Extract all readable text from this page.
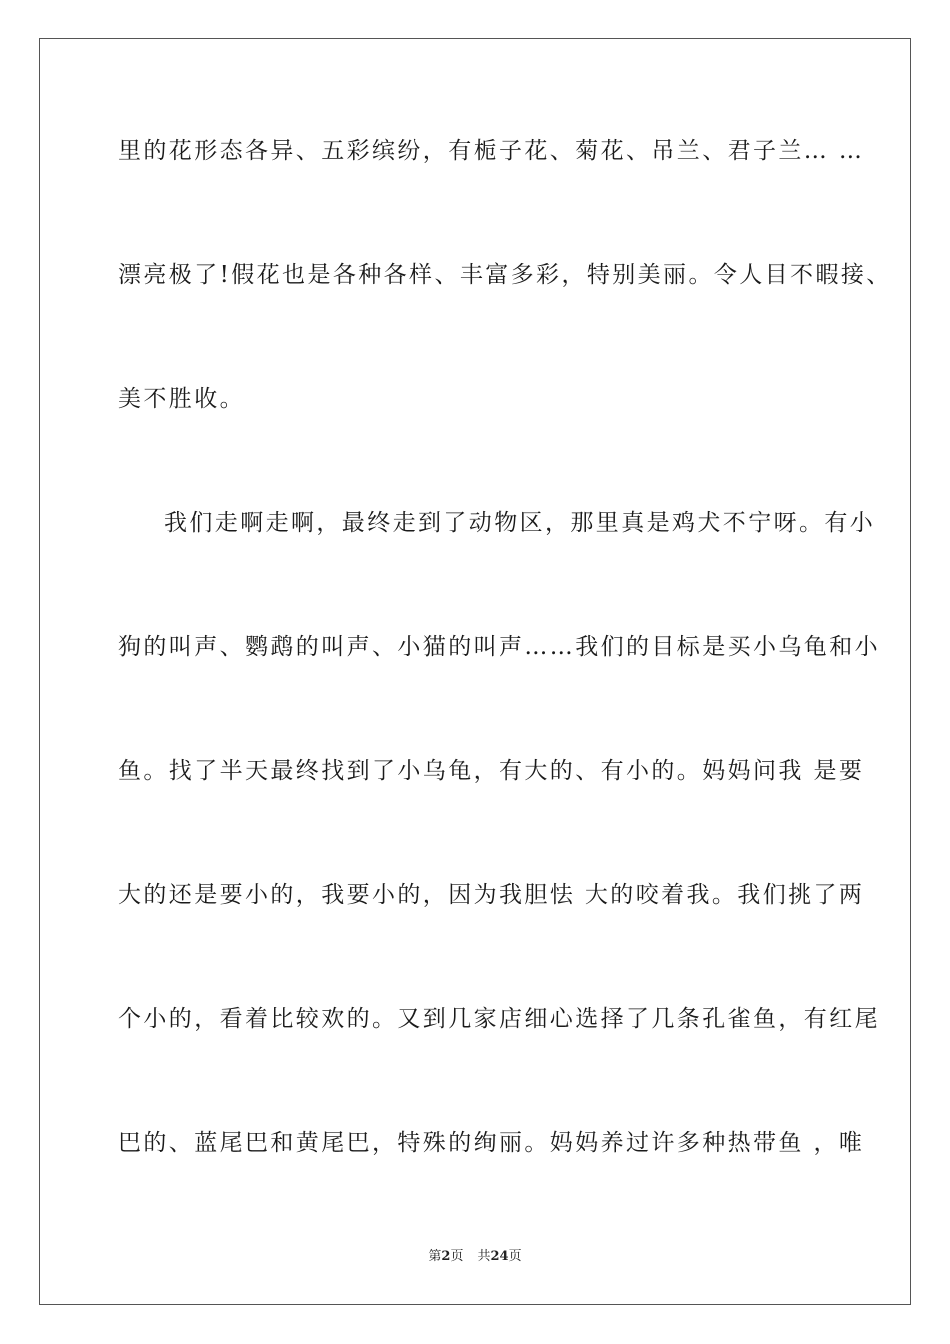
里的花形态各异、五彩缤纷，有栀子花、菊花、吊兰、君子兰… …
漂亮极了!假花也是各种各样、丰富多彩，特别美丽。令人目不暇接、
美不胜收。
我们走啊走啊，最终走到了动物区，那里真是鸡犬不宁呀。有小
狗的叫声、鹦鹉的叫声、小猫的叫声……我们的目标是买小乌龟和小
鱼。找了半天最终找到了小乌龟，有大的、有小的。妈妈问我 是要
大的还是要小的，我要小的，因为我胆怯 大的咬着我。我们挑了两
个小的，看着比较欢的。又到几家店细心选择了几条孔雀鱼，有红尾
巴的、蓝尾巴和黄尾巴，特殊的绚丽。妈妈养过许多种热带鱼 ，唯
第2页 共24页
